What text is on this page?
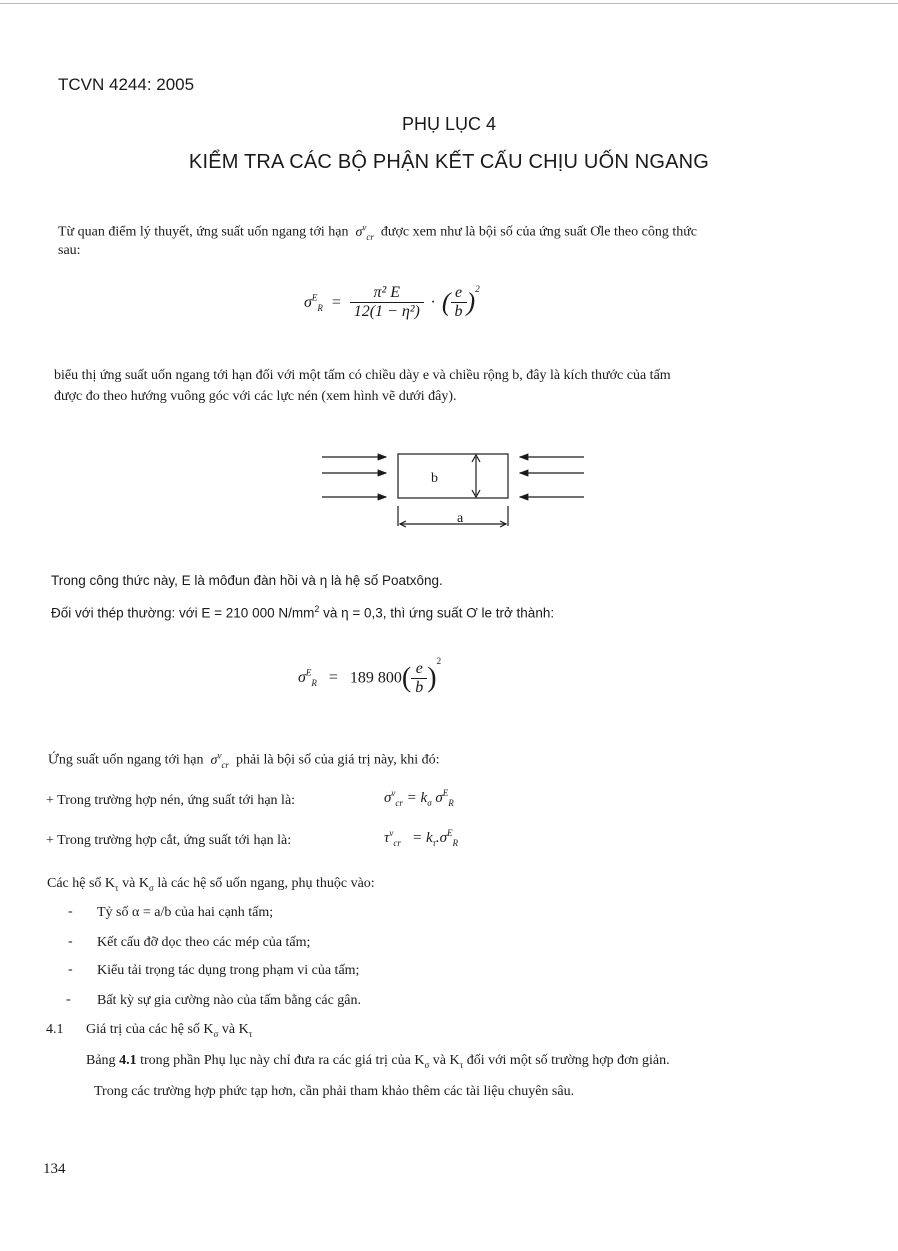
TCVN 4244: 2005
PHỤ LỤC 4
KIỂM TRA CÁC BỘ PHẬN KẾT CẤU CHỊU UỐN NGANG
Từ quan điểm lý thuyết, ứng suất uốn ngang tới hạn $\sigma^v_{cr}$ được xem như là bội số của ứng suất Ơle theo công thức
sau:
$\sigma^E_R = \frac{\text{π² E}}{\text{12(1 − η²)}}$ · ( $\frac{e}{b} )^2$
biểu thị ứng suất uốn ngang tới hạn đối với một tấm có chiều dày e và chiều rộng b, đây là kích thước của tấm
được đo theo hướng vuông góc với các lực nén (xem hình vẽ dưới đây).
b
a
Trong công thức này, E là môđun đàn hồi và η là hệ số Poatxông.
Đối với thép thường: với E = 210 000 $N/mm^2$ và η = 0,3, thì ứng suất Ơ le trở thành:
$\sigma^E_R = 189$ $800( \frac{e}{b} )^2$
Ứng suất uốn ngang tới hạn $\sigma^v_{cr}$ phải là bội số của giá trị này, khi đó:
+ Trong trường hợp nén, ứng suất tới hạn là:	$\sigma^v_{cr} = k_\sigma$ $\sigma^E_R$
+ Trong trường hợp cắt, ứng suất tới hạn là:	$\tau^v_{cr} = k_\tau.\sigma^E_R$
Các hệ số $K_\tau$ và $K_\sigma$ là các hệ số uốn ngang, phụ thuộc vào:
- Tỷ số α = a/b của hai cạnh tấm;
- Kết cấu đỡ dọc theo các mép của tấm;
- Kiểu tải trọng tác dụng trong phạm vi của tấm;
- Bất kỳ sự gia cường nào của tấm bằng các gân.
4.1 Giá trị của các hệ số $K_\sigma$ và $K_\tau$
Bảng 4.1 trong phần Phụ lục này chỉ đưa ra các giá trị của $K_\sigma$ và $K_\tau$ đối với một số trường hợp đơn giản.
Trong các trường hợp phức tạp hơn, cần phải tham khảo thêm các tài liệu chuyên sâu.
134
